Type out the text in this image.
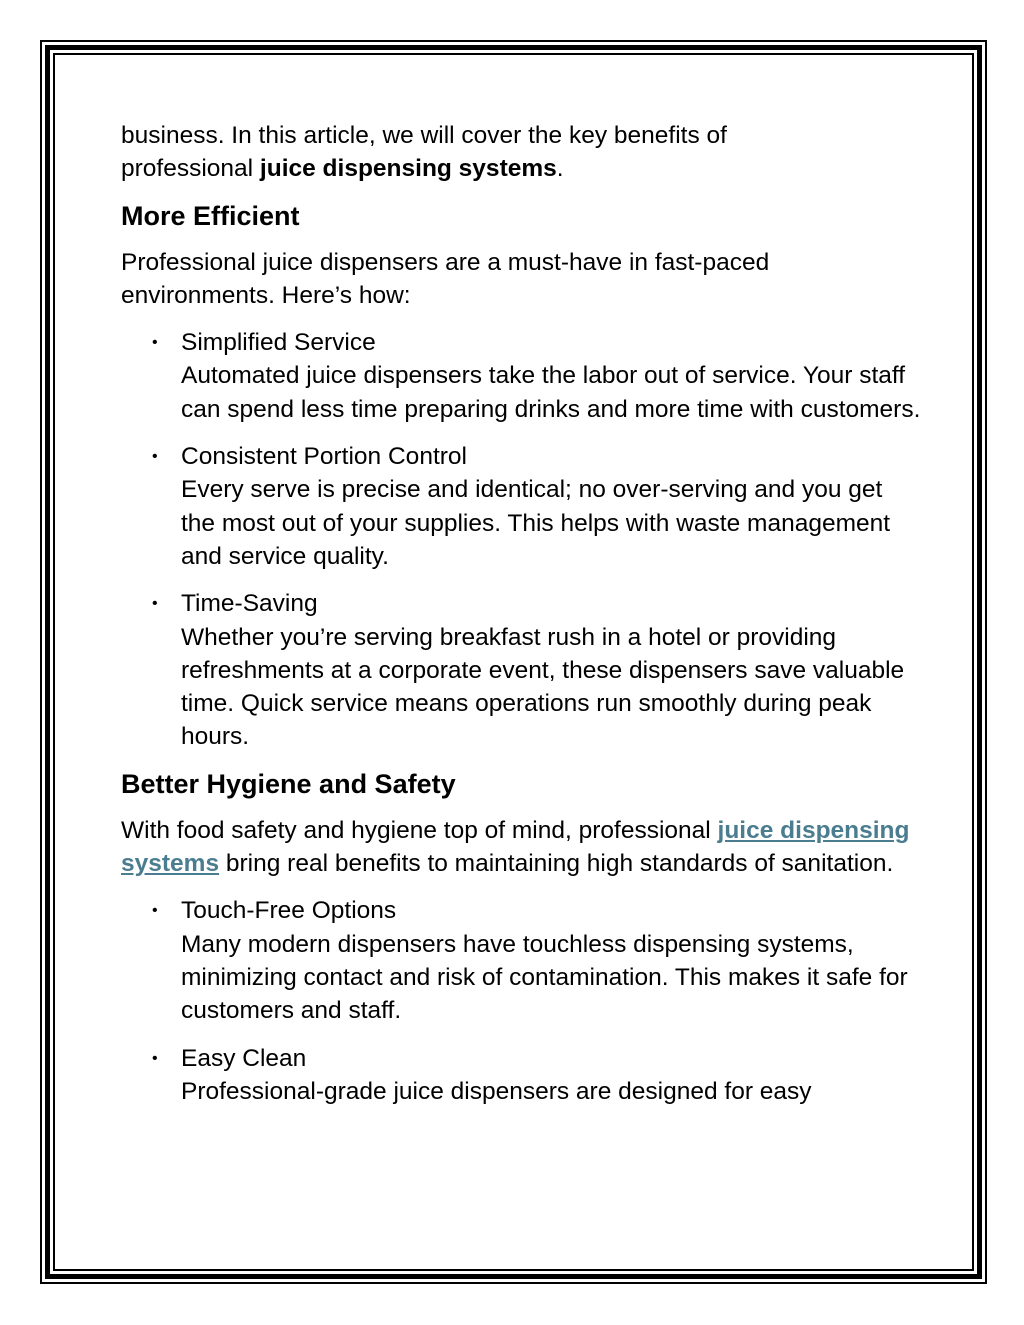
business. In this article, we will cover the key benefits of
professional juice dispensing systems.

More Efficient

Professional juice dispensers are a must-have in fast-paced
environments. Here’s how:

• Simplified Service
Automated juice dispensers take the labor out of service. Your staff can spend less time preparing drinks and more time with customers.
• Consistent Portion Control
Every serve is precise and identical; no over-serving and you get the most out of your supplies. This helps with waste management and service quality.
• Time-Saving
Whether you’re serving breakfast rush in a hotel or providing refreshments at a corporate event, these dispensers save valuable time. Quick service means operations run smoothly during peak hours.
Better Hygiene and Safety

With food safety and hygiene top of mind, professional juice dispensing systems bring real benefits to maintaining high standards of sanitation.

• Touch-Free Options
Many modern dispensers have touchless dispensing systems, minimizing contact and risk of contamination. This makes it safe for customers and staff.
• Easy Clean
Professional-grade juice dispensers are designed for easy
